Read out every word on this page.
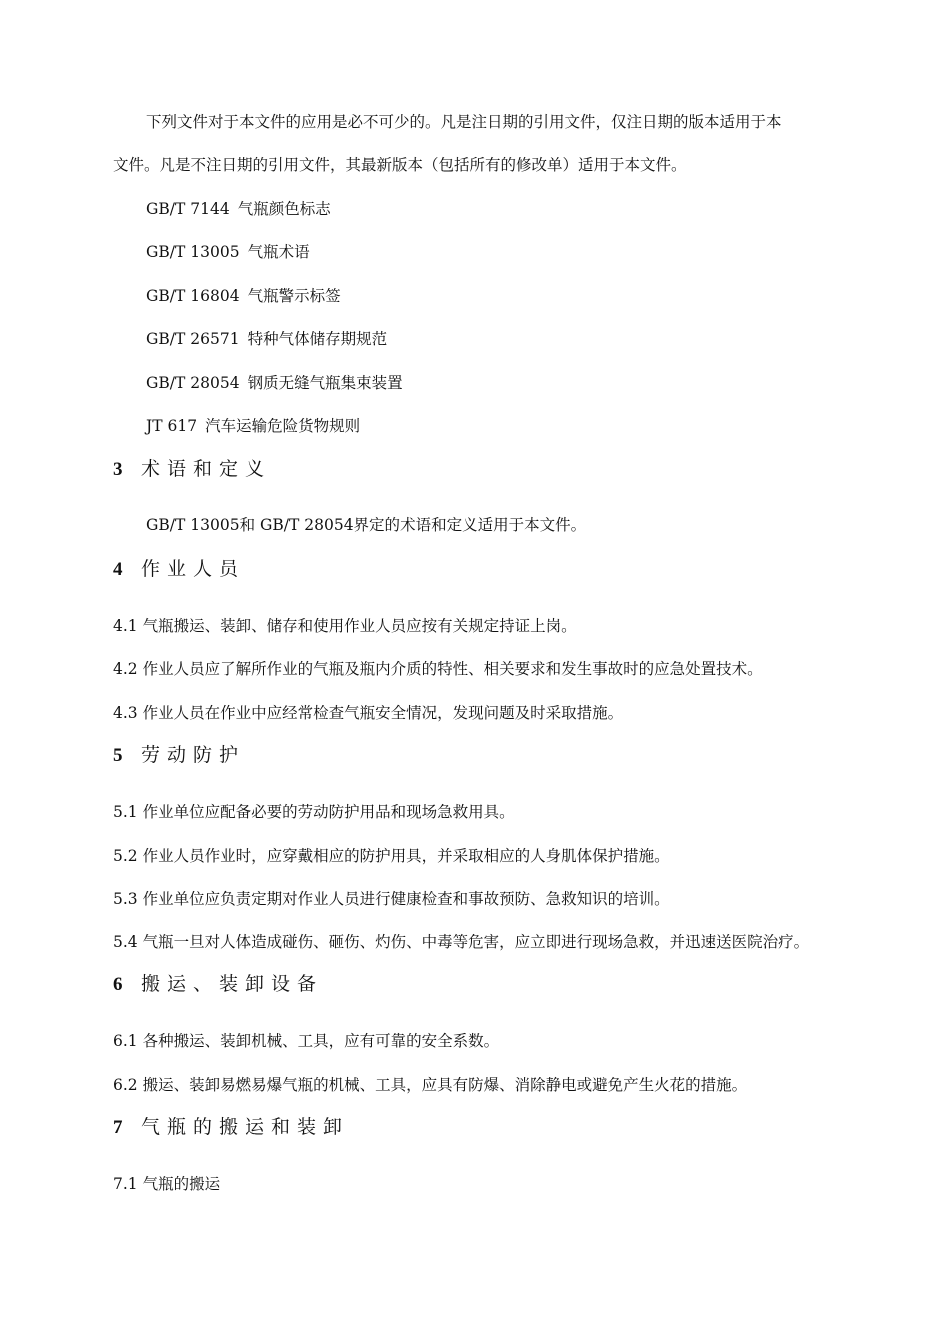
下列文件对于本文件的应用是必不可少的。凡是注日期的引用文件，仅注日期的版本适用于本
文件。凡是不注日期的引用文件，其最新版本（包括所有的修改单）适用于本文件。
GB/T 7144 气瓶颜色标志
GB/T 13005 气瓶术语
GB/T 16804 气瓶警示标签
GB/T 26571 特种气体储存期规范
GB/T 28054 钢质无缝气瓶集束装置
JT 617 汽车运输危险货物规则
3 术语和定义
GB/T 13005和 GB/T 28054界定的术语和定义适用于本文件。
4 作业人员
4.1 气瓶搬运、装卸、储存和使用作业人员应按有关规定持证上岗。
4.2 作业人员应了解所作业的气瓶及瓶内介质的特性、相关要求和发生事故时的应急处置技术。
4.3 作业人员在作业中应经常检查气瓶安全情况，发现问题及时采取措施。
5 劳动防护
5.1 作业单位应配备必要的劳动防护用品和现场急救用具。
5.2 作业人员作业时，应穿戴相应的防护用具，并采取相应的人身肌体保护措施。
5.3 作业单位应负责定期对作业人员进行健康检查和事故预防、急救知识的培训。
5.4 气瓶一旦对人体造成碰伤、砸伤、灼伤、中毒等危害，应立即进行现场急救，并迅速送医院治疗。
6 搬运、装卸设备
6.1 各种搬运、装卸机械、工具，应有可靠的安全系数。
6.2 搬运、装卸易燃易爆气瓶的机械、工具，应具有防爆、消除静电或避免产生火花的措施。
7 气瓶的搬运和装卸
7.1 气瓶的搬运
